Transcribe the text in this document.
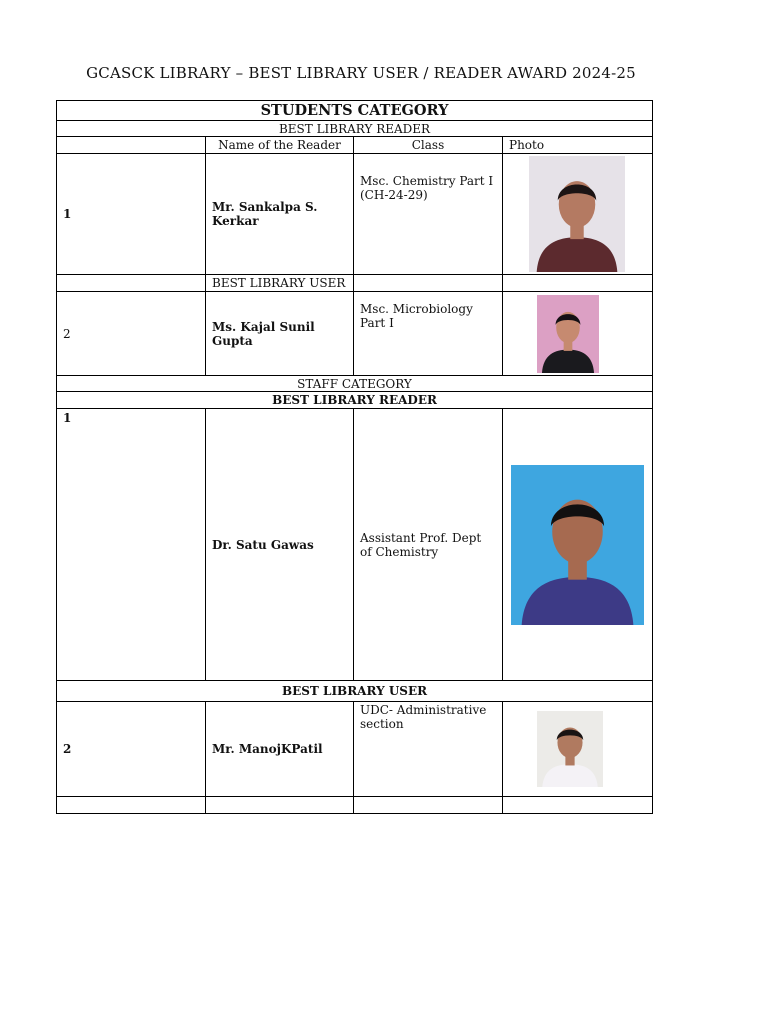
GCASCK LIBRARY – BEST LIBRARY USER / READER AWARD 2024-25
STUDENTS CATEGORY			
BEST LIBRARY READER			
	Name of the Reader	Class	Photo
1	Mr. Sankalpa S. Kerkar	Msc. Chemistry Part I (CH-24-29)	

	BEST LIBRARY USER		
2	Ms. Kajal Sunil Gupta	Msc. Microbiology Part I	

STAFF CATEGORY			
BEST LIBRARY READER			
1	Dr. Satu Gawas	Assistant Prof. Dept of Chemistry	

BEST LIBRARY USER			
2	Mr. ManojKPatil	UDC- Administrative section	
